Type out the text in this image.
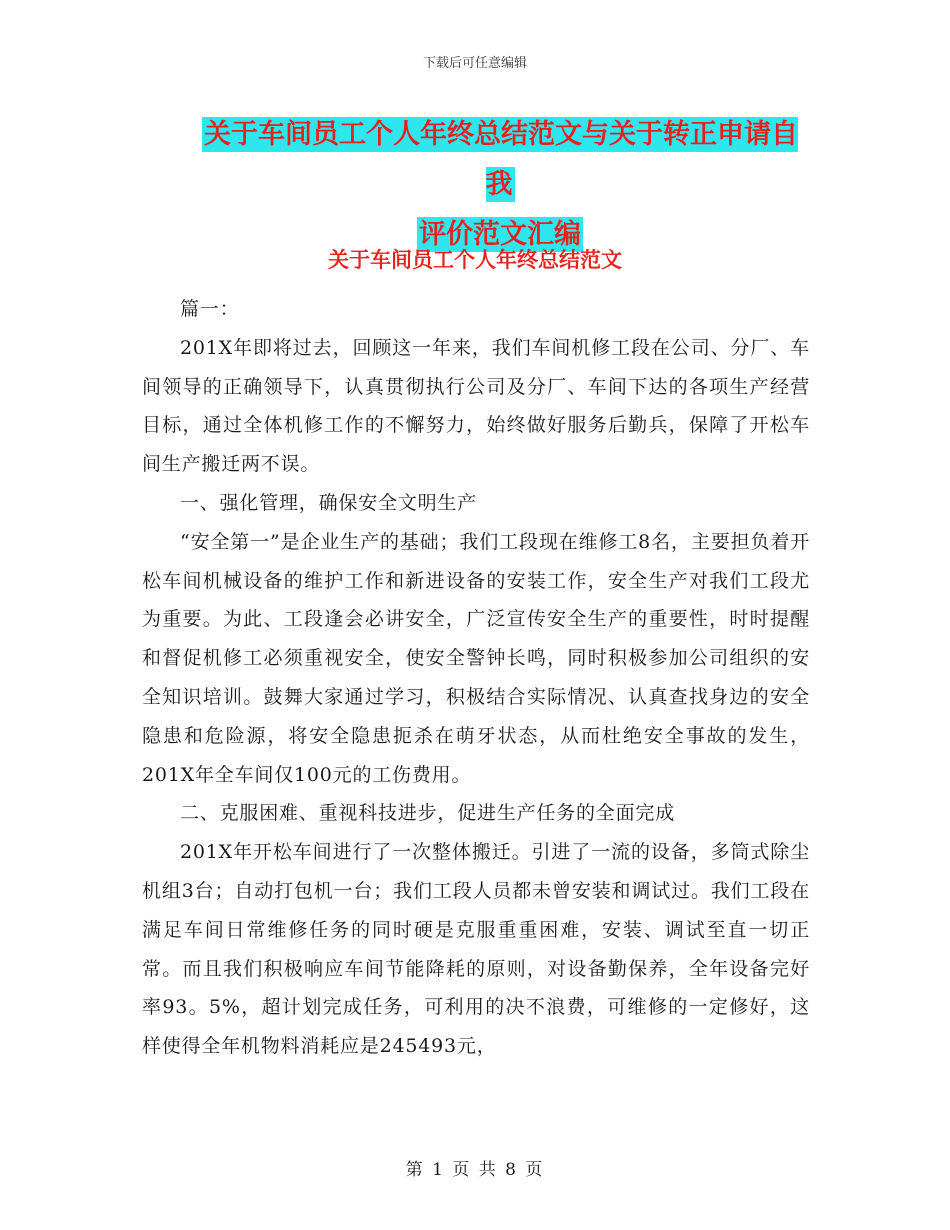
下载后可任意编辑
关于车间员工个人年终总结范文与关于转正申请自我
评价范文汇编
关于车间员工个人年终总结范文

篇一：

201X年即将过去，回顾这一年来，我们车间机修工段在公司、分厂、车间领导的正确领导下，认真贯彻执行公司及分厂、车间下达的各项生产经营目标，通过全体机修工作的不懈努力，始终做好服务后勤兵，保障了开松车间生产搬迁两不误。

一、强化管理，确保安全文明生产

“安全第一”是企业生产的基础；我们工段现在维修工8名，主要担负着开松车间机械设备的维护工作和新进设备的安装工作，安全生产对我们工段尤为重要。为此、工段逢会必讲安全，广泛宣传安全生产的重要性，时时提醒和督促机修工必须重视安全，使安全警钟长鸣，同时积极参加公司组织的安全知识培训。鼓舞大家通过学习，积极结合实际情况、认真查找身边的安全隐患和危险源，将安全隐患扼杀在萌牙状态，从而杜绝安全事故的发生，201X年全车间仅100元的工伤费用。

二、克服困难、重视科技进步，促进生产任务的全面完成

201X年开松车间进行了一次整体搬迁。引进了一流的设备，多筒式除尘机组3台；自动打包机一台；我们工段人员都未曾安装和调试过。我们工段在满足车间日常维修任务的同时硬是克服重重困难，安装、调试至直一切正常。而且我们积极响应车间节能降耗的原则，对设备勤保养，全年设备完好率93。5%，超计划完成任务，可利用的决不浪费，可维修的一定修好，这样使得全年机物料消耗应是245493元，

第 1 页 共 8 页
